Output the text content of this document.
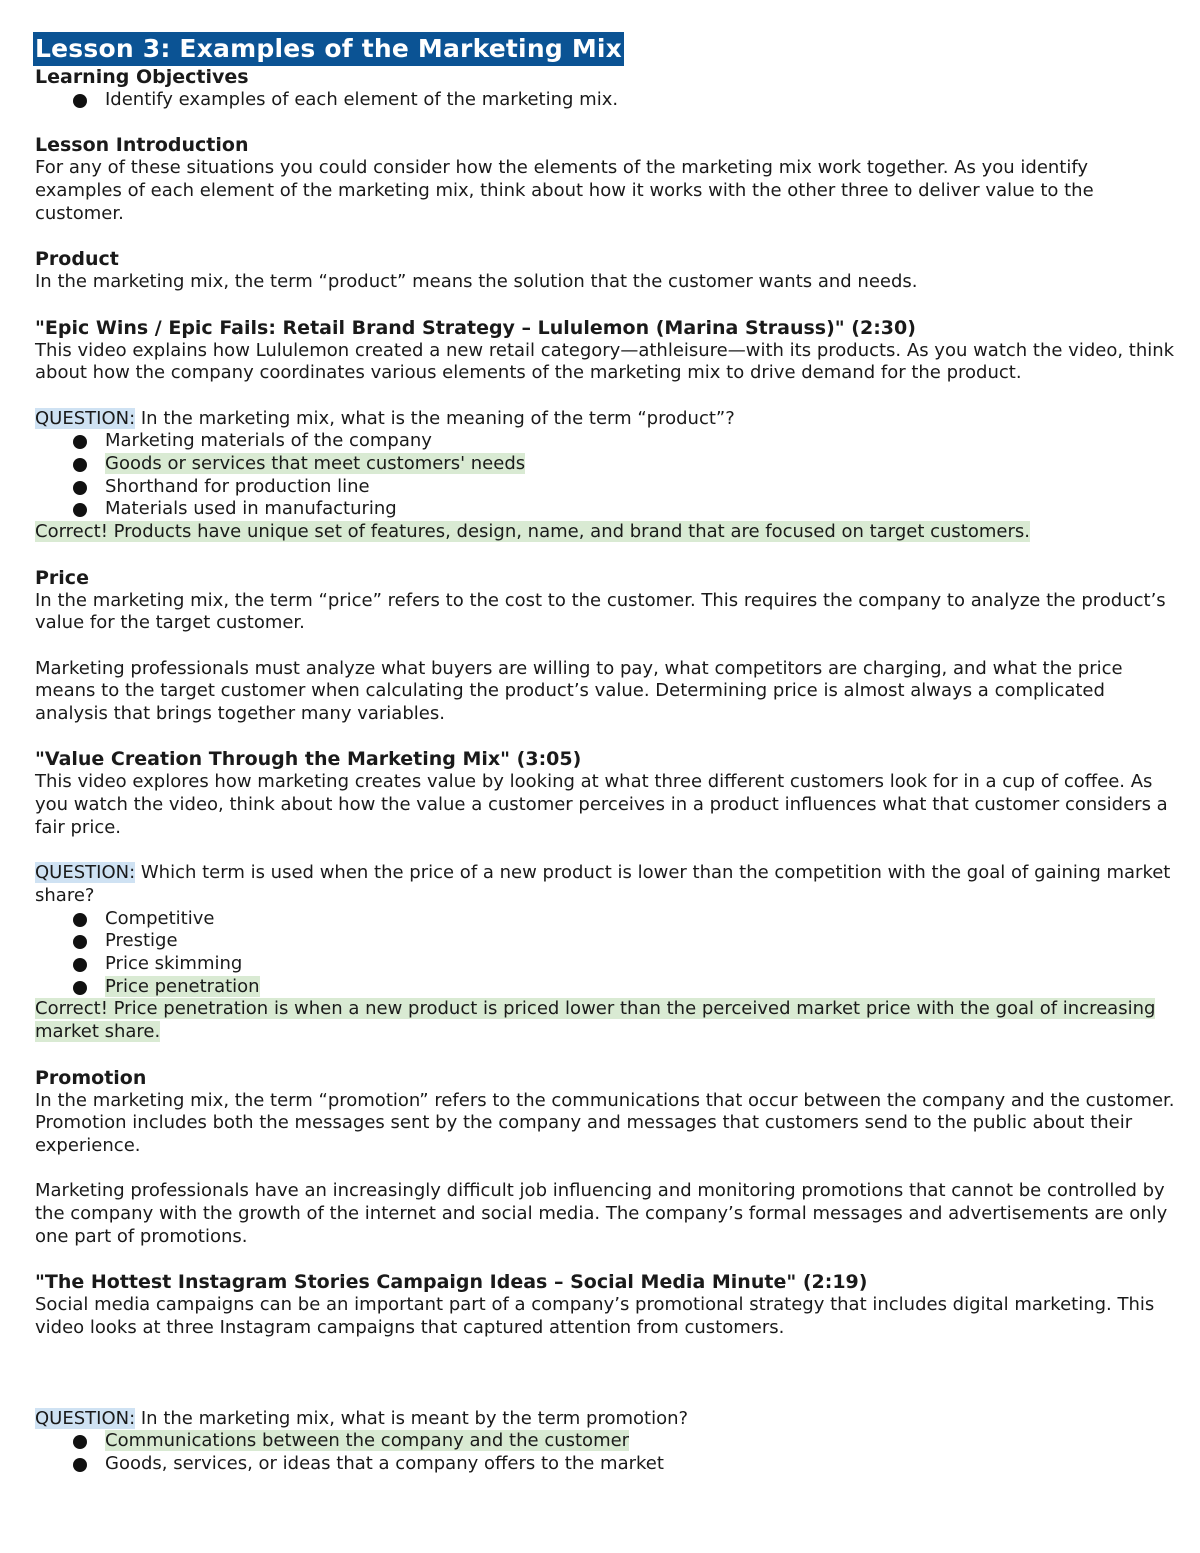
Lesson 3: Examples of the Marketing Mix

Learning Objectives

Identify examples of each element of the marketing mix.

Lesson Introduction

For any of these situations you could consider how the elements of the marketing mix work together. As you identify examples of each element of the marketing mix, think about how it works with the other three to deliver value to the customer.

Product

In the marketing mix, the term “product” means the solution that the customer wants and needs.

"Epic Wins / Epic Fails: Retail Brand Strategy – Lululemon (Marina Strauss)" (2:30)

This video explains how Lululemon created a new retail category—athleisure—with its products. As you watch the video, think about how the company coordinates various elements of the marketing mix to drive demand for the product.

QUESTION: In the marketing mix, what is the meaning of the term “product”?

Marketing materials of the company
Goods or services that meet customers' needs
Shorthand for production line
Materials used in manufacturing

Correct! Products have unique set of features, design, name, and brand that are focused on target customers.

Price

In the marketing mix, the term “price” refers to the cost to the customer. This requires the company to analyze the product’s value for the target customer.

Marketing professionals must analyze what buyers are willing to pay, what competitors are charging, and what the price means to the target customer when calculating the product’s value. Determining price is almost always a complicated analysis that brings together many variables.

"Value Creation Through the Marketing Mix" (3:05)

This video explores how marketing creates value by looking at what three different customers look for in a cup of coffee. As you watch the video, think about how the value a customer perceives in a product influences what that customer considers a fair price.

QUESTION: Which term is used when the price of a new product is lower than the competition with the goal of gaining market share?

Competitive
Prestige
Price skimming
Price penetration

Correct! Price penetration is when a new product is priced lower than the perceived market price with the goal of increasing market share.

Promotion

In the marketing mix, the term “promotion” refers to the communications that occur between the company and the customer. Promotion includes both the messages sent by the company and messages that customers send to the public about their experience.

Marketing professionals have an increasingly difficult job influencing and monitoring promotions that cannot be controlled by the company with the growth of the internet and social media. The company’s formal messages and advertisements are only one part of promotions.

"The Hottest Instagram Stories Campaign Ideas – Social Media Minute" (2:19)

Social media campaigns can be an important part of a company’s promotional strategy that includes digital marketing. This video looks at three Instagram campaigns that captured attention from customers.

QUESTION: In the marketing mix, what is meant by the term promotion?

Communications between the company and the customer
Goods, services, or ideas that a company offers to the market
